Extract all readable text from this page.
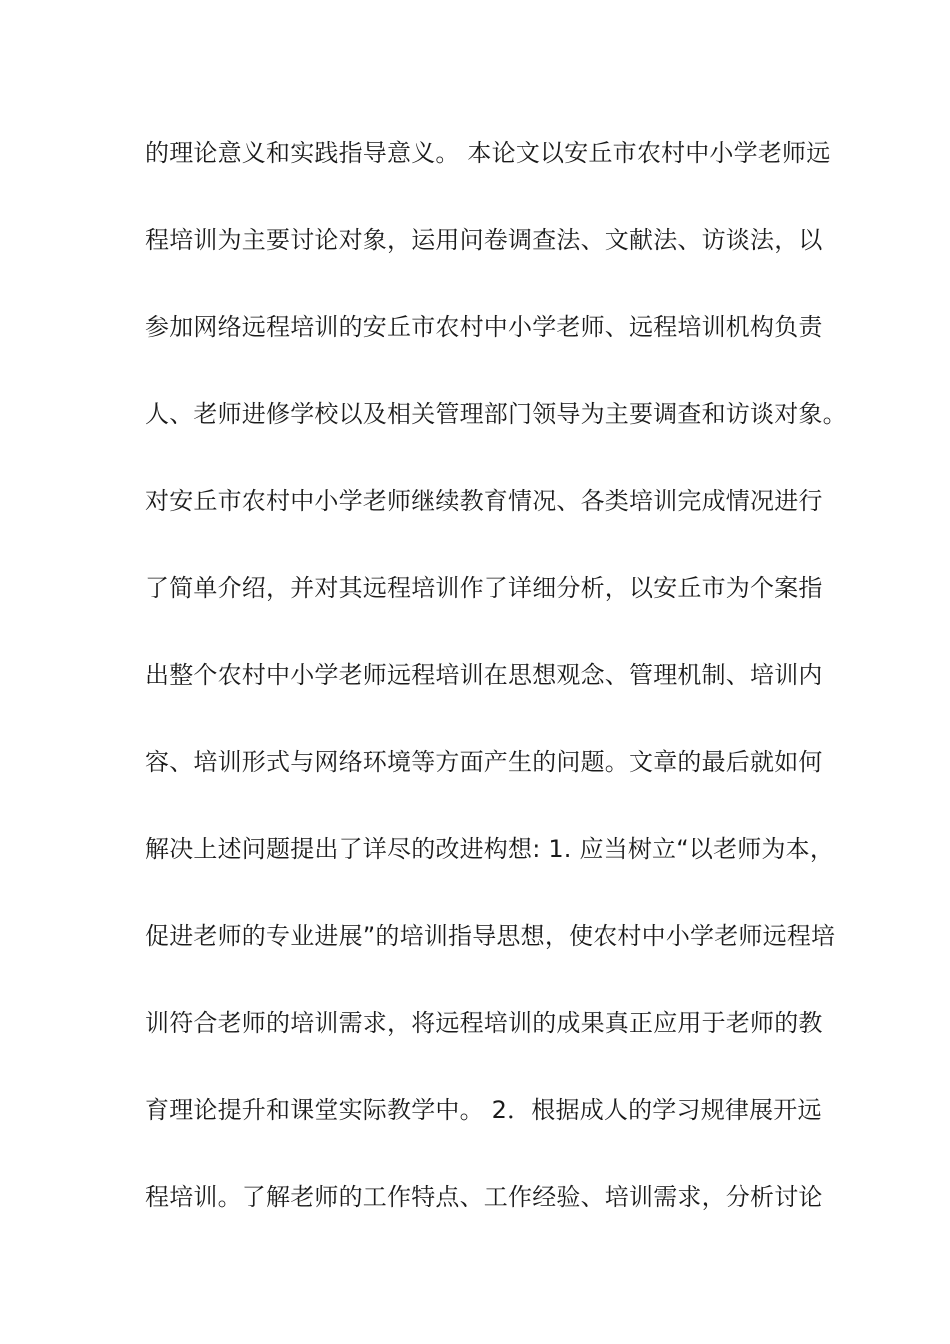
的理论意义和实践指导意义。 本论文以安丘市农村中小学老师远
程培训为主要讨论对象，运用问卷调查法、文献法、访谈法，以
参加网络远程培训的安丘市农村中小学老师、远程培训机构负责
人、老师进修学校以及相关管理部门领导为主要调查和访谈对象。
对安丘市农村中小学老师继续教育情况、各类培训完成情况进行
了简单介绍，并对其远程培训作了详细分析，以安丘市为个案指
出整个农村中小学老师远程培训在思想观念、管理机制、培训内
容、培训形式与网络环境等方面产生的问题。文章的最后就如何
解决上述问题提出了详尽的改进构想: 1. 应当树立“以老师为本，
促进老师的专业进展”的培训指导思想，使农村中小学老师远程培
训符合老师的培训需求，将远程培训的成果真正应用于老师的教
育理论提升和课堂实际教学中。 2．根据成人的学习规律展开远
程培训。了解老师的工作特点、工作经验、培训需求，分析讨论
